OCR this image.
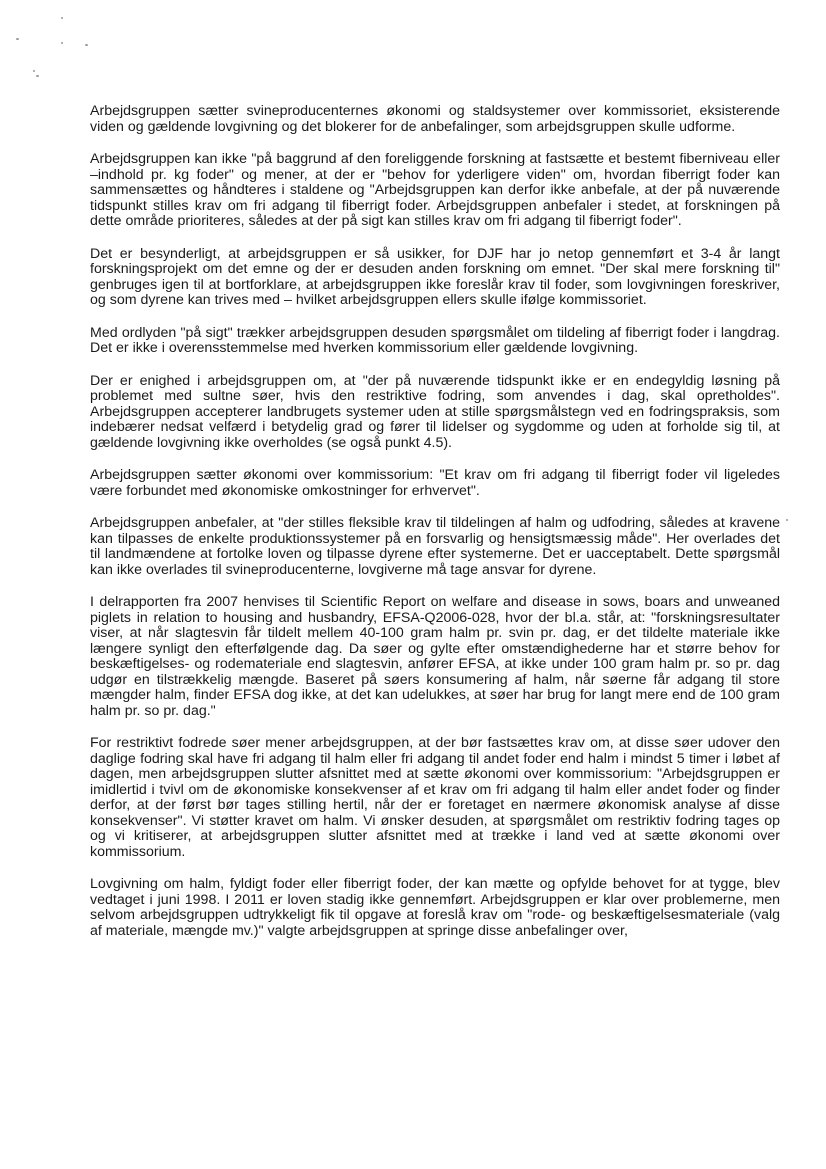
Arbejdsgruppen sætter svineproducenternes økonomi og staldsystemer over kommissoriet, eksisterende viden og gældende lovgivning og det blokerer for de anbefalinger, som arbejdsgruppen skulle udforme.

Arbejdsgruppen kan ikke "på baggrund af den foreliggende forskning at fastsætte et bestemt fiberniveau eller –indhold pr. kg foder" og mener, at der er "behov for yderligere viden" om, hvordan fiberrigt foder kan sammensættes og håndteres i staldene og "Arbejdsgruppen kan derfor ikke anbefale, at der på nuværende tidspunkt stilles krav om fri adgang til fiberrigt foder. Arbejdsgruppen anbefaler i stedet, at forskningen på dette område prioriteres, således at der på sigt kan stilles krav om fri adgang til fiberrigt foder".

Det er besynderligt, at arbejdsgruppen er så usikker, for DJF har jo netop gennemført et 3-4 år langt forskningsprojekt om det emne og der er desuden anden forskning om emnet. "Der skal mere forskning til" genbruges igen til at bortforklare, at arbejdsgruppen ikke foreslår krav til foder, som lovgivningen foreskriver, og som dyrene kan trives med – hvilket arbejdsgruppen ellers skulle ifølge kommissoriet.

Med ordlyden "på sigt" trækker arbejdsgruppen desuden spørgsmålet om tildeling af fiberrigt foder i langdrag. Det er ikke i overensstemmelse med hverken kommissorium eller gældende lovgivning.

Der er enighed i arbejdsgruppen om, at "der på nuværende tidspunkt ikke er en endegyldig løsning på problemet med sultne søer, hvis den restriktive fodring, som anvendes i dag, skal opretholdes". Arbejdsgruppen accepterer landbrugets systemer uden at stille spørgsmålstegn ved en fodringspraksis, som indebærer nedsat velfærd i betydelig grad og fører til lidelser og sygdomme og uden at forholde sig til, at gældende lovgivning ikke overholdes (se også punkt 4.5).

Arbejdsgruppen sætter økonomi over kommissorium: "Et krav om fri adgang til fiberrigt foder vil ligeledes være forbundet med økonomiske omkostninger for erhvervet".

Arbejdsgruppen anbefaler, at "der stilles fleksible krav til tildelingen af halm og udfodring, således at kravene kan tilpasses de enkelte produktionssystemer på en forsvarlig og hensigtsmæssig måde". Her overlades det til landmændene at fortolke loven og tilpasse dyrene efter systemerne. Det er uacceptabelt. Dette spørgsmål kan ikke overlades til svineproducenterne, lovgiverne må tage ansvar for dyrene.

I delrapporten fra 2007 henvises til Scientific Report on welfare and disease in sows, boars and unweaned piglets in relation to housing and husbandry, EFSA-Q2006-028, hvor der bl.a. står, at: "forskningsresultater viser, at når slagtesvin får tildelt mellem 40-100 gram halm pr. svin pr. dag, er det tildelte materiale ikke længere synligt den efterfølgende dag. Da søer og gylte efter omstændighederne har et større behov for beskæftigelses- og rodemateriale end slagtesvin, anfører EFSA, at ikke under 100 gram halm pr. so pr. dag udgør en tilstrækkelig mængde. Baseret på søers konsumering af halm, når søerne får adgang til store mængder halm, finder EFSA dog ikke, at det kan udelukkes, at søer har brug for langt mere end de 100 gram halm pr. so pr. dag."

For restriktivt fodrede søer mener arbejdsgruppen, at der bør fastsættes krav om, at disse søer udover den daglige fodring skal have fri adgang til halm eller fri adgang til andet foder end halm i mindst 5 timer i løbet af dagen, men arbejdsgruppen slutter afsnittet med at sætte økonomi over kommissorium: "Arbejdsgruppen er imidlertid i tvivl om de økonomiske konsekvenser af et krav om fri adgang til halm eller andet foder og finder derfor, at der først bør tages stilling hertil, når der er foretaget en nærmere økonomisk analyse af disse konsekvenser". Vi støtter kravet om halm. Vi ønsker desuden, at spørgsmålet om restriktiv fodring tages op og vi kritiserer, at arbejdsgruppen slutter afsnittet med at trække i land ved at sætte økonomi over kommissorium.

Lovgivning om halm, fyldigt foder eller fiberrigt foder, der kan mætte og opfylde behovet for at tygge, blev vedtaget i juni 1998. I 2011 er loven stadig ikke gennemført. Arbejdsgruppen er klar over problemerne, men selvom arbejdsgruppen udtrykkeligt fik til opgave at foreslå krav om "rode- og beskæftigelsesmateriale (valg af materiale, mængde mv.)" valgte arbejdsgruppen at springe disse anbefalinger over,
